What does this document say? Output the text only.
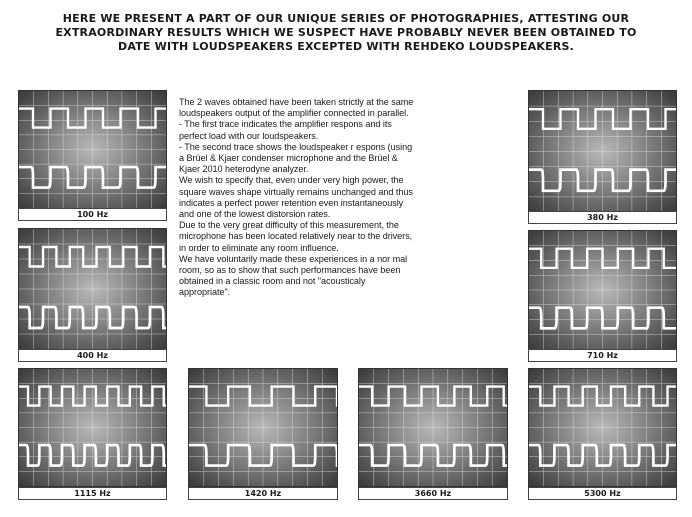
HERE WE PRESENT A PART OF OUR UNIQUE SERIES OF PHOTOGRAPHIES, ATTESTING OUR
EXTRAORDINARY RESULTS WHICH WE SUSPECT HAVE PROBABLY NEVER BEEN OBTAINED TO
DATE WITH LOUDSPEAKERS EXCEPTED WITH REHDEKO LOUDSPEAKERS.
100 Hz	380 Hz
400 Hz	710 Hz
1115 Hz	1420 Hz	3660 Hz	5300 Hz
The 2 waves obtained have been taken strictly at the same
loudspeakers output of the amplifier connected in parallel.
- The first trace indicates the amplifier respons and its
perfect load with our loudspeakers.
- The second trace shows the loudspeaker r espons (using
a Brüel & Kjaer condenser microphone and the Brüel &
Kjaer 2010 heterodyne analyzer.
We wish to specify that, even under very high power, the
square waves shape virtually remains unchanged and thus
indicates a perfect power retention even instantaneously
and one of the lowest distorsion rates.
Due to the very great difficulty of this measurement, the
microphone has been located relatively near to the drivers,
in order to eliminate any room influence.
We have voluntarily made these experiences in a nor mal
room, so as to show that such performances have been
obtained in a classic room and not "acousticaly
appropriate".
